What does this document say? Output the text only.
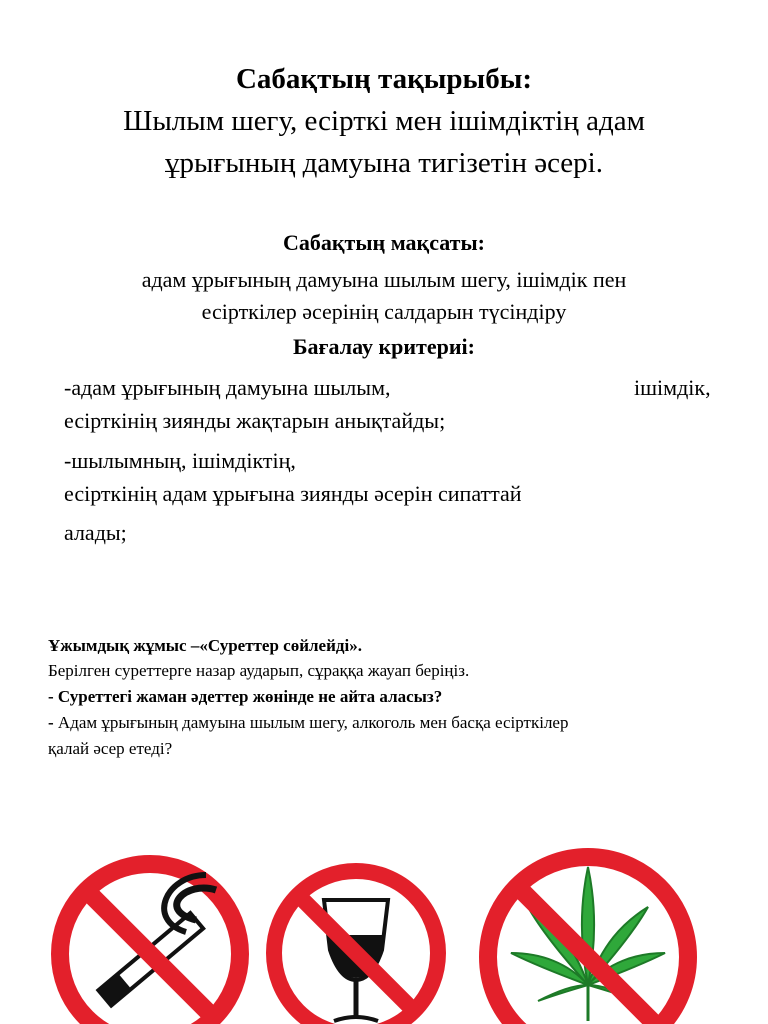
Сабақтың тақырыбы:
Шылым шегу, есірткі мен ішімдіктің адам
ұрығының дамуына тигізетін әсері.
Сабақтың мақсаты:
адам ұрығының дамуына шылым шегу, ішімдік пен
есірткілер әсерінің салдарын түсіндіру
Бағалау критериі:
-адам ұрығының дамуына шылым,	ішімдік,
есірткінің зиянды жақтарын анықтайды;
-шылымның, ішімдіктің,
есірткінің адам ұрығына зиянды әсерін сипаттай
алады;
Ұжымдық жұмыс –«Суреттер сөйлейді».
Берілген суреттерге назар аударып, сұраққа жауап беріңіз.
- Суреттегі жаман әдеттер жөнінде не айта аласыз?
- Адам ұрығының дамуына шылым шегу, алкоголь мен басқа есірткілер
қалай әсер етеді?
